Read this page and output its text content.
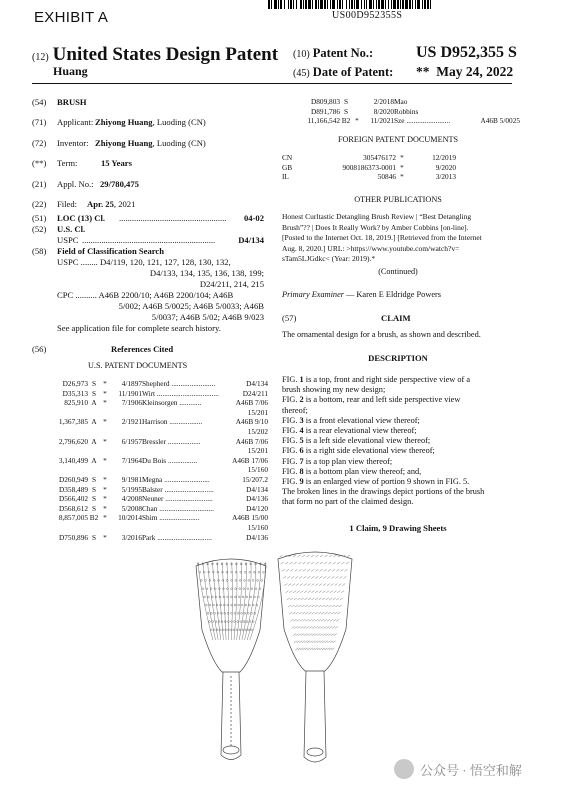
EXHIBIT A	US00D952355S
(12) United States Design Patent
Huang
(10) Patent No.:	US D952,355 S
(45) Date of Patent: ** May 24, 2022
(54) BRUSH
(71) Applicant: Zhiyong Huang, Luoding (CN)
(72) Inventor: Zhiyong Huang, Luoding (CN)
(**) Term:	15 Years
(21) Appl. No.: 29/780,475
(22) Filed: Apr. 25, 2021
(51) LOC (13) Cl. .................................................. 04-02
(52) U.S. Cl.
USPC ..............................................................	D4/134
(58) Field of Classification Search
USPC ........ D4/119, 120, 121, 127, 128, 130, 132,
D4/133, 134, 135, 136, 138, 199;
D24/211, 214, 215
CPC .......... A46B 2200/10; A46B 2200/104; A46B
5/002; A46B 5/0025; A46B 5/0033; A46B
5/0037; A46B 5/02; A46B 9/023
See application file for complete search history.
(56)	References Cited
U.S. PATENT DOCUMENTS
D26,973	S	*	4/1897	Shepherd ........................	D4/134
D35,313	S	*	11/1901	Wirt ..................................	D24/211
825,910	A	*	7/1906	Kleinsorgen ............	A46B 7/06
					15/201
1,367,385	A	*	2/1921	Harrison ..................	A46B 9/10
					15/202
2,796,620	A	*	6/1957	Bressler ..................	A46B 7/06
					15/201
3,140,499	A	*	7/1964	Du Bois ................	A46B 17/06
					15/160
D260,949	S	*	9/1981	Megna .........................	15/207.2
D358,489	S	*	5/1995	Balster ...........................	D4/134
D566,402	S	*	4/2008	Neuner ..........................	D4/136
D568,612	S	*	5/2008	Chan ..............................	D4/120
8,857,005	B2	*	10/2014	Shim ......................	A46B 15/00
					15/160
D750,896	S	*	3/2016	Park ..............................	D4/136
D809,803	S		2/2018	Mao	
D891,786	S		8/2020	Robbins	
11,166,542	B2	*	11/2021	Sze ........................	A46B 5/0025
FOREIGN PATENT DOCUMENTS
CN	305476172	*	12/2019
GB	9008186373-0001	*	9/2020
IL	50846	*	3/2013
OTHER PUBLICATIONS
Honest Curltastic Detangling Brush Review | “Best Detangling
Brush”?? | Does It Really Work? by Amber Cobbins [on-line].
[Posted to the Internet Oct. 18, 2019.] [Retrieved from the Internet
Aug. 8, 2020.] URL: >https://www.youtube.com/watch?v=
sTam5LJGdkc< (Year: 2019).*
(Continued)
Primary Examiner — Karen E Eldridge Powers
(57)	CLAIM
The ornamental design for a brush, as shown and described.
DESCRIPTION

FIG. 1 is a top, front and right side perspective view of a

brush showing my new design;

FIG. 2 is a bottom, rear and left side perspective view

thereof;

FIG. 3 is a front elevational view thereof;

FIG. 4 is a rear elevational view thereof;

FIG. 5 is a left side elevational view thereof;

FIG. 6 is a right side elevational view thereof;

FIG. 7 is a top plan view thereof;

FIG. 8 is a bottom plan view thereof; and,

FIG. 9 is an enlarged view of portion 9 shown in FIG. 5.

The broken lines in the drawings depict portions of the brush

that form no part of the claimed design.

1 Claim, 9 Drawing Sheets
公众号 · 悟空和解
